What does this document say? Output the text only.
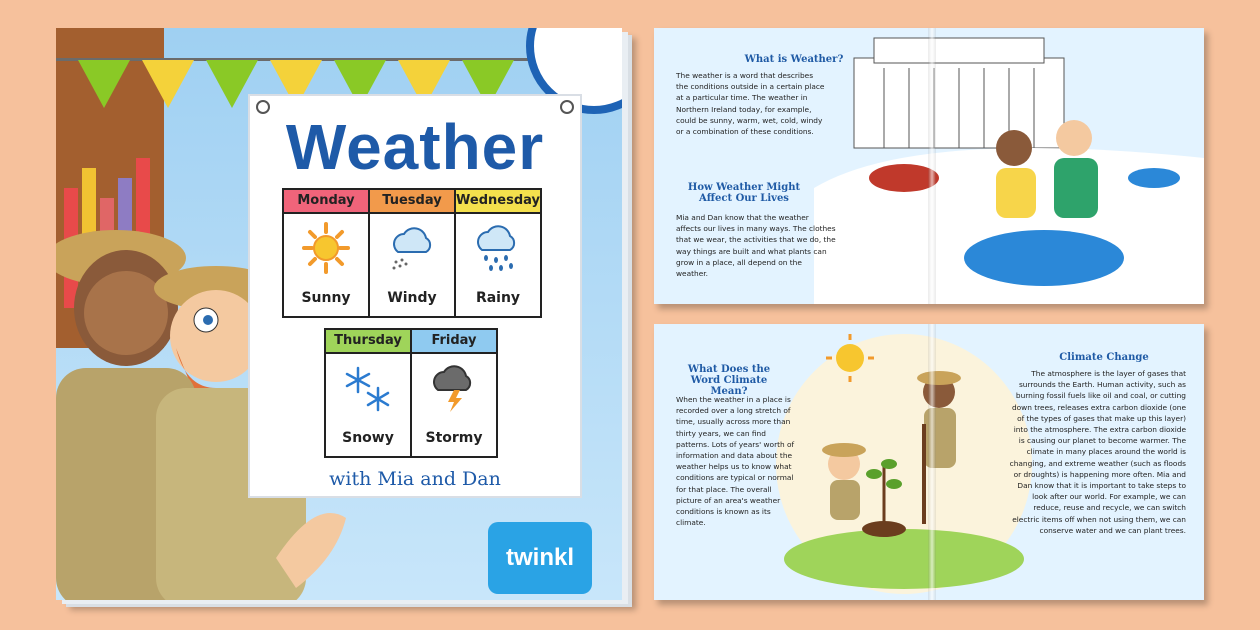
Weather
Monday
Sunny
Tuesday
Windy
Wednesday
Rainy
Thursday
Snowy
Friday
Stormy
with Mia and Dan
twinkl
What is Weather?
The weather is a word that describes the conditions outside in a certain place at a particular time. The weather in Northern Ireland today, for example, could be sunny, warm, wet, cold, windy or a combination of these conditions.
How Weather Might Affect Our Lives
Mia and Dan know that the weather affects our lives in many ways. The clothes that we wear, the activities that we do, the way things are built and what plants can grow in a place, all depend on the weather.
What Does the Word Climate Mean?
When the weather in a place is recorded over a long stretch of time, usually across more than thirty years, we can find patterns. Lots of years' worth of information and data about the weather helps us to know what conditions are typical or normal for that place. The overall picture of an area's weather conditions is known as its climate.
Climate Change
The atmosphere is the layer of gases that surrounds the Earth. Human activity, such as burning fossil fuels like oil and coal, or cutting down trees, releases extra carbon dioxide (one of the types of gases that make up this layer) into the atmosphere. The extra carbon dioxide is causing our planet to become warmer. The climate in many places around the world is changing, and extreme weather (such as floods or droughts) is happening more often. Mia and Dan know that it is important to take steps to look after our world. For example, we can reduce, reuse and recycle, we can switch electric items off when not using them, we can conserve water and we can plant trees.
